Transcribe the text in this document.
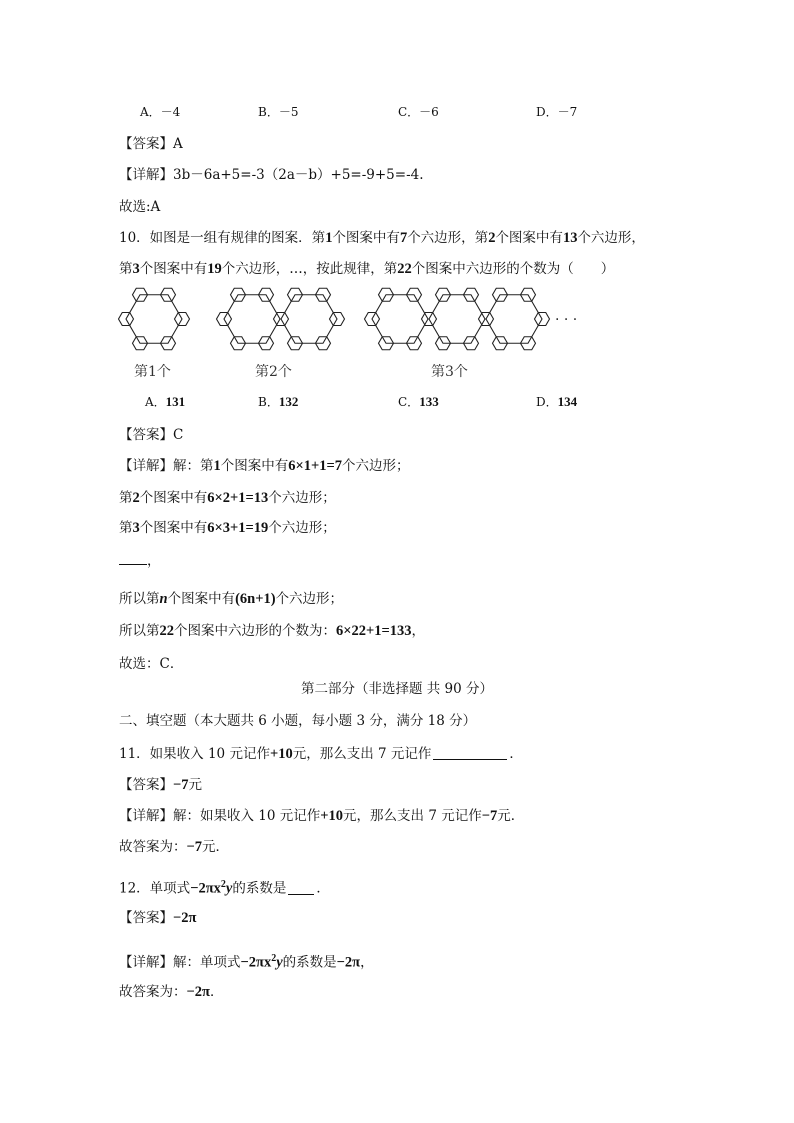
A．－4	B．－5	C．－6	D．－7
【答案】A
【详解】3b－6a+5=-3（2a－b）+5=-9+5=-4.
故选:A
10．如图是一组有规律的图案．第1个图案中有7个六边形，第2个图案中有13个六边形，
第3个图案中有19个六边形，…，按此规律，第22个图案中六边形的个数为（　　）
· · ·
第1个	第2个	第3个
A．131	B．132	C．133	D．134
【答案】C
【详解】解：第1个图案中有6×1+1=7个六边形；
第2个图案中有6×2+1=13个六边形；
第3个图案中有6×3+1=19个六边形；
，
所以第n个图案中有(6n+1)个六边形；
所以第22个图案中六边形的个数为：6×22+1=133，
故选：C．
第二部分（非选择题 共 90 分）
二、填空题（本大题共 6 小题，每小题 3 分，满分 18 分）
11．如果收入 10 元记作+10元，那么支出 7 元记作	．
【答案】−7元
【详解】解：如果收入 10 元记作+10元，那么支出 7 元记作−7元．
故答案为：−7元．
12．单项式$-2\pi x^2y$的系数是 ．
【答案】−2π
【详解】解：单项式$-2\pi x^2y$的系数是−2π，
故答案为：−2π．
